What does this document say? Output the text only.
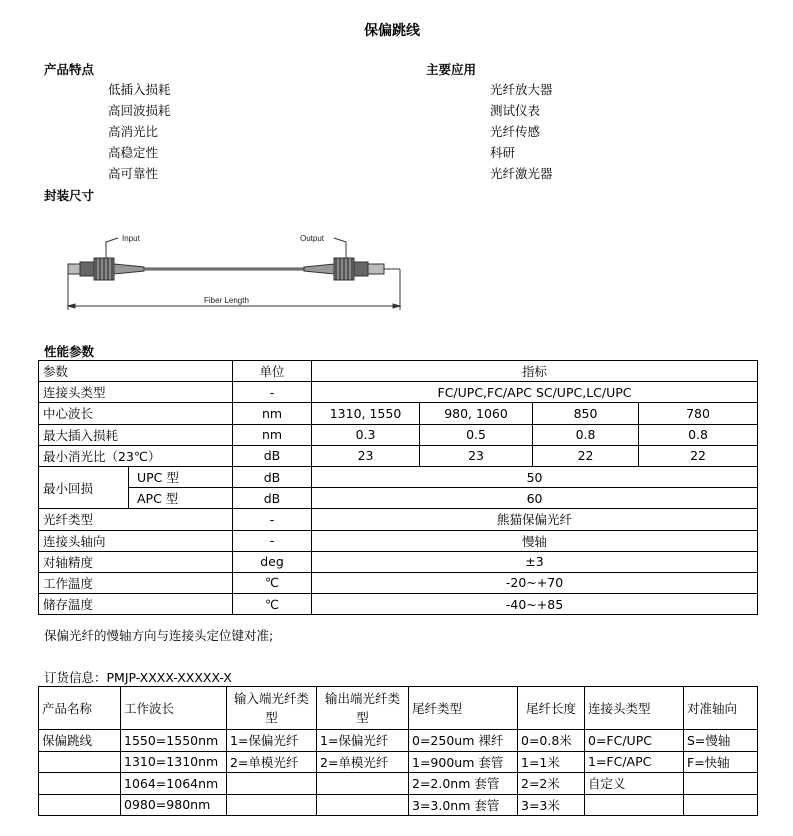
保偏跳线
产品特点
低插入损耗
高回波损耗
高消光比
高稳定性
高可靠性
主要应用
光纤放大器
测试仪表
光纤传感
科研
光纤激光器
封装尺寸
Input	Output
Fiber Length
性能参数
参数		单位	指标			
连接头类型		-	FC/UPC,FC/APC SC/UPC,LC/UPC			
中心波长		nm	1310, 1550	980, 1060	850	780
最大插入损耗		nm	0.3	0.5	0.8	0.8
最小消光比（23℃）		dB	23	23	22	22
最小回损	UPC 型	dB	50			
	APC 型	dB	60			
光纤类型		-	熊猫保偏光纤			
连接头轴向		-	慢轴			
对轴精度		deg	±3			
工作温度		℃	-20~+70			
储存温度		℃	-40~+85			
保偏光纤的慢轴方向与连接头定位键对准;
订货信息：PMJP-XXXX-XXXXX-X
产品名称	工作波长	输入端光纤类型	输出端光纤类型	尾纤类型	尾纤长度	连接头类型	对准轴向
保偏跳线	1550=1550nm	1=保偏光纤	1=保偏光纤	0=250um 裸纤	0=0.8米	0=FC/UPC	S=慢轴
	1310=1310nm	2=单模光纤	2=单模光纤	1=900um 套管	1=1米	1=FC/APC	F=快轴
	1064=1064nm			2=2.0nm 套管	2=2米	自定义	
	0980=980nm			3=3.0nm 套管	3=3米		
